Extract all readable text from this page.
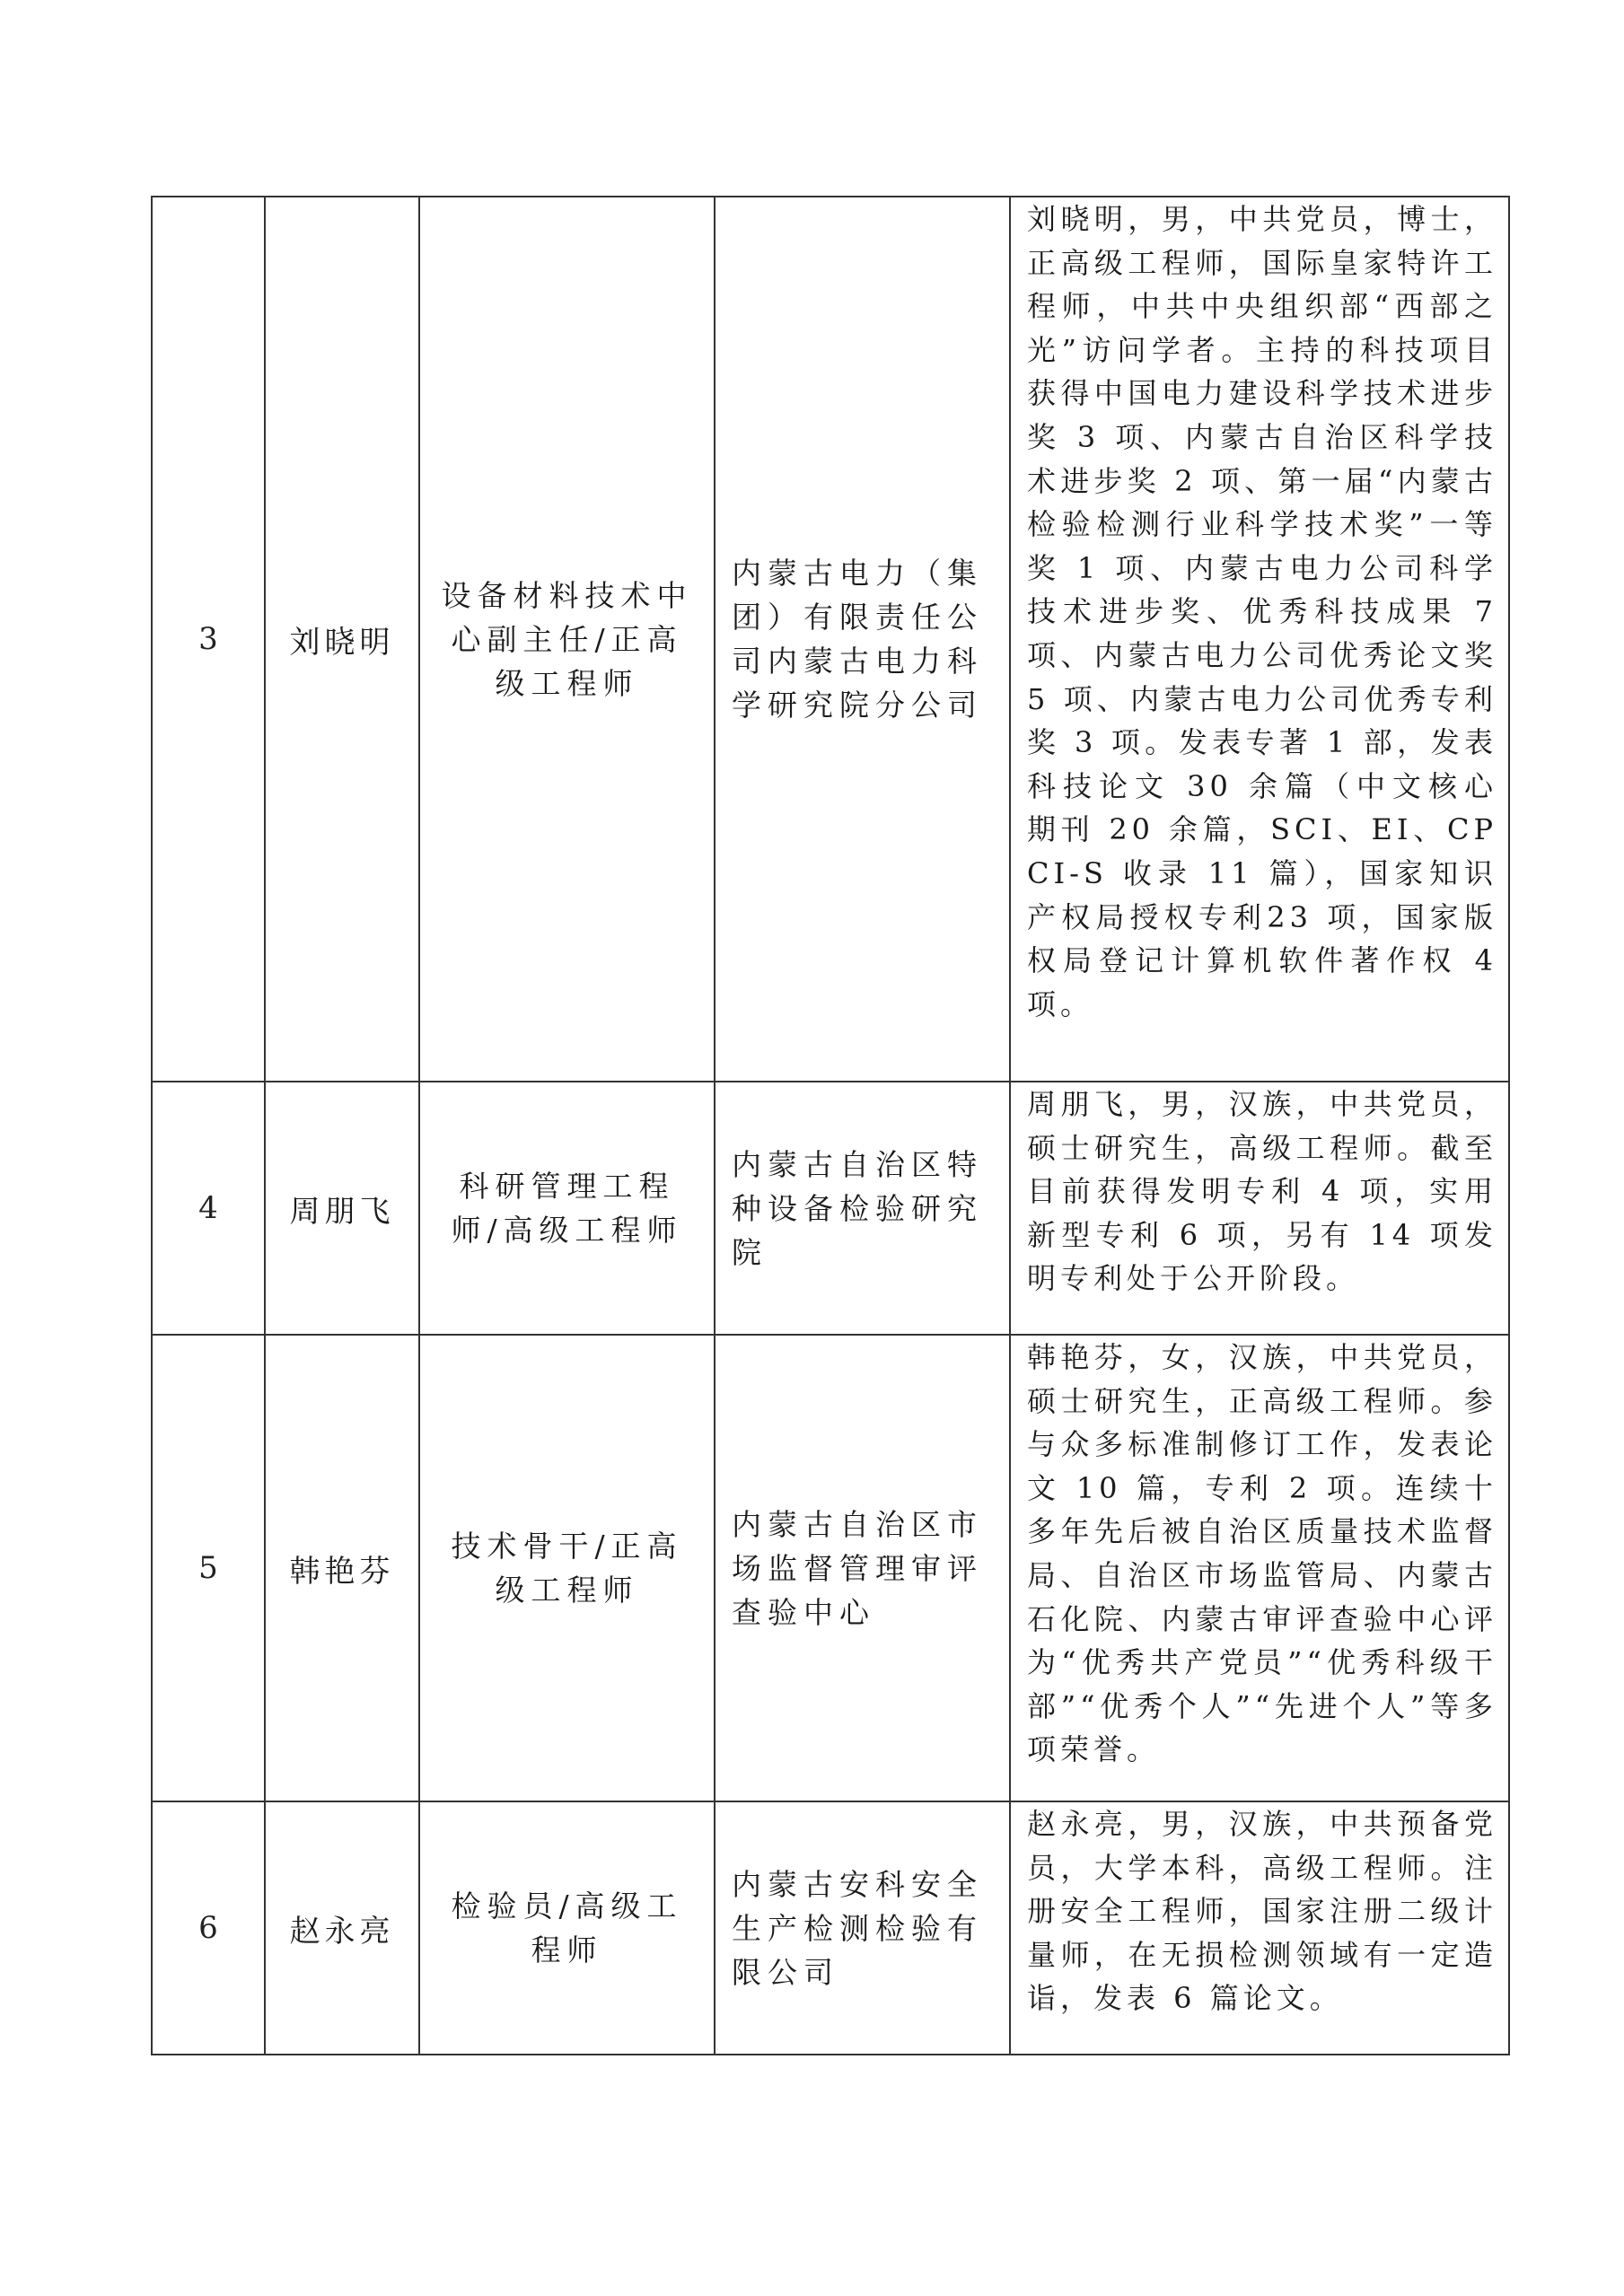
3	刘晓明	设备材料技术中心副主任/正高级工程师	内蒙古电力（集团）有限责任公司内蒙古电力科学研究院分公司	刘晓明，男，中共党员，博士，正高级工程师，国际皇家特许工程师，中共中央组织部“西部之光”访问学者。主持的科技项目获得中国电力建设科学技术进步奖 3 项、内蒙古自治区科学技术进步奖 2 项、第一届“内蒙古检验检测行业科学技术奖”一等奖 1 项、内蒙古电力公司科学技术进步奖、优秀科技成果 7 项、内蒙古电力公司优秀论文奖 5 项、内蒙古电力公司优秀专利奖 3 项。发表专著 1 部，发表科技论文 30 余篇（中文核心期刊 20 余篇，SCI、EI、CPCI-S 收录 11 篇），国家知识产权局授权专利23 项，国家版权局登记计算机软件著作权 4 项。
4	周朋飞	科研管理工程师/高级工程师	内蒙古自治区特种设备检验研究院	周朋飞，男，汉族，中共党员，硕士研究生，高级工程师。截至目前获得发明专利 4 项，实用新型专利 6 项，另有 14 项发明专利处于公开阶段。
5	韩艳芬	技术骨干/正高级工程师	内蒙古自治区市场监督管理审评查验中心	韩艳芬，女，汉族，中共党员，硕士研究生，正高级工程师。参与众多标准制修订工作，发表论文 10 篇，专利 2 项。连续十多年先后被自治区质量技术监督局、自治区市场监管局、内蒙古石化院、内蒙古审评查验中心评为“优秀共产党员”“优秀科级干部”“优秀个人”“先进个人”等多项荣誉。
6	赵永亮	检验员/高级工程师	内蒙古安科安全生产检测检验有限公司	赵永亮，男，汉族，中共预备党员，大学本科，高级工程师。注册安全工程师，国家注册二级计量师，在无损检测领域有一定造诣，发表 6 篇论文。
